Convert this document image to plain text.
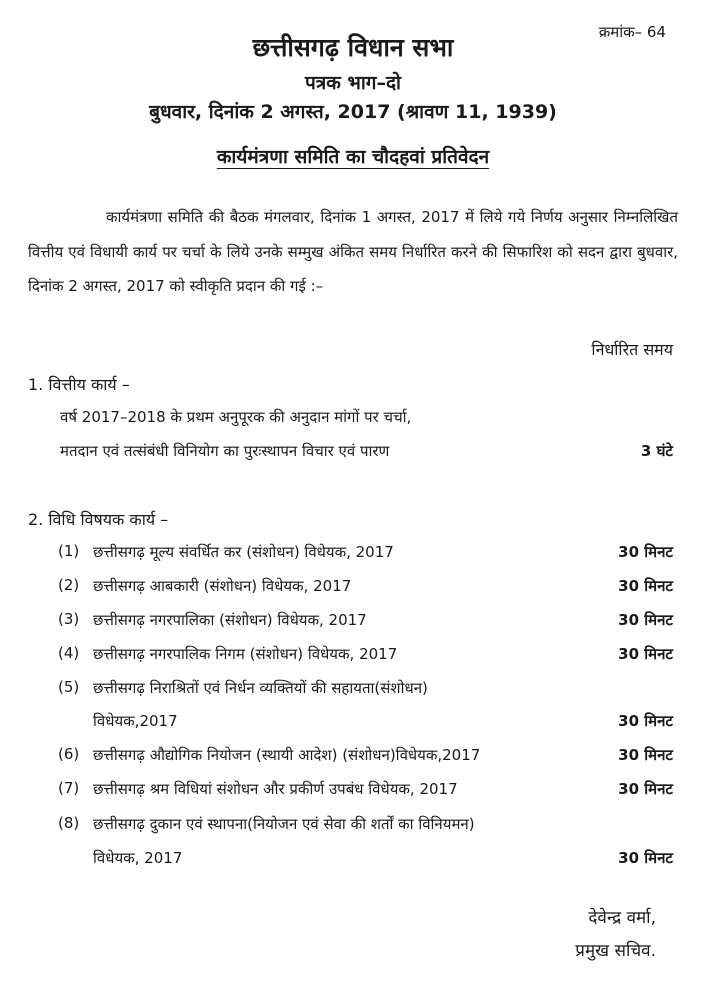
क्रमांक– 64
छत्तीसगढ़ विधान सभा
पत्रक भाग–दो
बुधवार, दिनांक 2 अगस्त, 2017 (श्रावण 11, 1939)
कार्यमंत्रणा समिति का चौदहवां प्रतिवेदन
कार्यमंत्रणा समिति की बैठक मंगलवार, दिनांक 1 अगस्त, 2017 में लिये गये निर्णय अनुसार निम्नलिखित वित्तीय एवं विधायी कार्य पर चर्चा के लिये उनके सम्मुख अंकित समय निर्धारित करने की सिफारिश को सदन द्वारा बुधवार, दिनांक 2 अगस्त, 2017 को स्वीकृति प्रदान की गई :–
निर्धारित समय
1. वित्तीय कार्य –
वर्ष 2017–2018 के प्रथम अनुपूरक की अनुदान मांगों पर चर्चा,
मतदान एवं तत्संबंधी विनियोग का पुरःस्थापन विचार एवं पारण	3 घंटे
2. विधि विषयक कार्य –
(1) छत्तीसगढ़ मूल्य संवर्धित कर (संशोधन) विधेयक, 2017	30 मिनट
(2) छत्तीसगढ़ आबकारी (संशोधन) विधेयक, 2017	30 मिनट
(3) छत्तीसगढ़ नगरपालिका (संशोधन) विधेयक, 2017	30 मिनट
(4) छत्तीसगढ़ नगरपालिक निगम (संशोधन) विधेयक, 2017	30 मिनट
(5) छत्तीसगढ़ निराश्रितों एवं निर्धन व्यक्तियों की सहायता(संशोधन)
विधेयक,2017	30 मिनट
(6) छत्तीसगढ़ औद्योगिक नियोजन (स्थायी आदेश) (संशोधन)विधेयक,2017	30 मिनट
(7) छत्तीसगढ़ श्रम विधियां संशोधन और प्रकीर्ण उपबंध विधेयक, 2017	30 मिनट
(8) छत्तीसगढ़ दुकान एवं स्थापना(नियोजन एवं सेवा की शर्तों का विनियमन)
विधेयक, 2017	30 मिनट
देवेन्द्र वर्मा,
प्रमुख सचिव.
